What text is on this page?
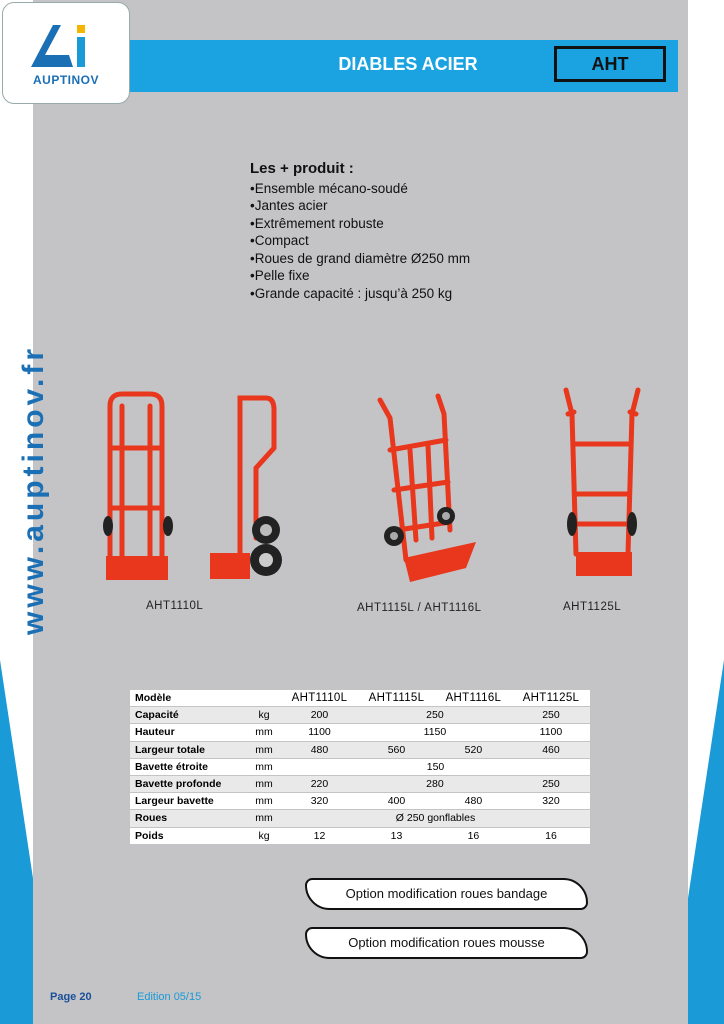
AUPTINOV
DIABLES ACIER	AHT
www.auptinov.fr
Les + produit :
• Ensemble mécano-soudé
• Jantes acier
• Extrêmement robuste
• Compact
• Roues de grand diamètre Ø250 mm
• Pelle fixe
• Grande capacité : jusqu’à 250 kg
AHT1110L	AHT1115L / AHT1116L	AHT1125L
Modèle		AHT1110L	AHT1115L	AHT1116L	AHT1125L
Capacité	kg	200	250		250
Hauteur	mm	1100	1150		1100
Largeur totale	mm	480	560	520	460
Bavette étroite	mm	150			
Bavette profonde	mm	220	280		250
Largeur bavette	mm	320	400	480	320
Roues	mm	Ø 250 gonflables			
Poids	kg	12	13	16	16
Option modification roues bandage
Option modification roues mousse
Page 20	Edition 05/15
